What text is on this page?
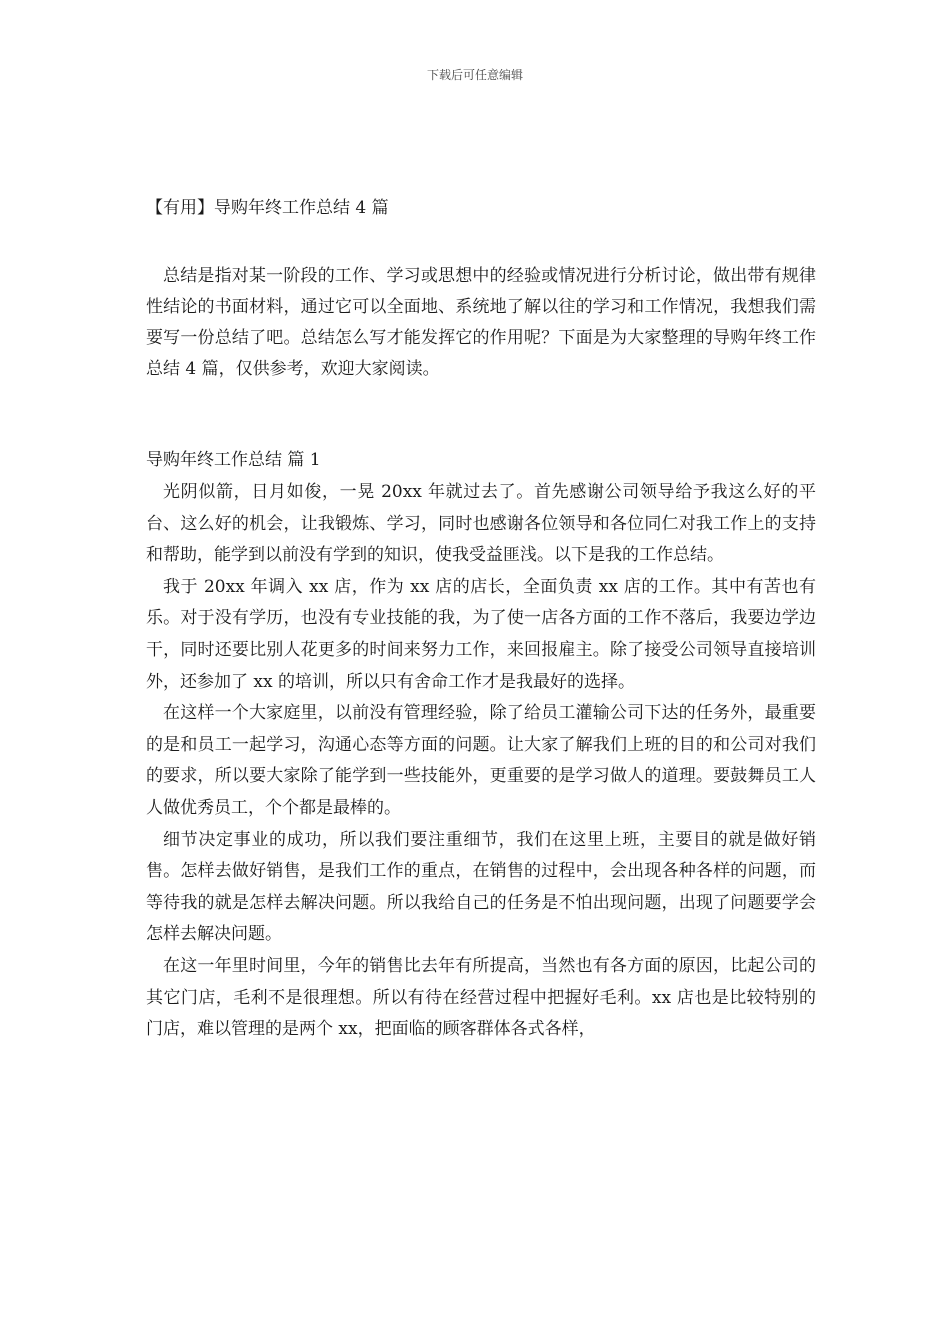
下载后可任意编辑
【有用】导购年终工作总结 4 篇

总结是指对某一阶段的工作、学习或思想中的经验或情况进行分析讨论，做出带有规律性结论的书面材料，通过它可以全面地、系统地了解以往的学习和工作情况，我想我们需要写一份总结了吧。总结怎么写才能发挥它的作用呢？下面是为大家整理的导购年终工作总结 4 篇，仅供参考，欢迎大家阅读。

导购年终工作总结 篇 1

光阴似箭，日月如俊，一晃 20xx 年就过去了。首先感谢公司领导给予我这么好的平台、这么好的机会，让我锻炼、学习，同时也感谢各位领导和各位同仁对我工作上的支持和帮助，能学到以前没有学到的知识，使我受益匪浅。以下是我的工作总结。

我于 20xx 年调入 xx 店，作为 xx 店的店长，全面负责 xx 店的工作。其中有苦也有乐。对于没有学历，也没有专业技能的我，为了使一店各方面的工作不落后，我要边学边干，同时还要比别人花更多的时间来努力工作，来回报雇主。除了接受公司领导直接培训外，还参加了 xx 的培训，所以只有舍命工作才是我最好的选择。

在这样一个大家庭里，以前没有管理经验，除了给员工灌输公司下达的任务外，最重要的是和员工一起学习，沟通心态等方面的问题。让大家了解我们上班的目的和公司对我们的要求，所以要大家除了能学到一些技能外，更重要的是学习做人的道理。要鼓舞员工人人做优秀员工，个个都是最棒的。

细节决定事业的成功，所以我们要注重细节，我们在这里上班，主要目的就是做好销售。怎样去做好销售，是我们工作的重点，在销售的过程中，会出现各种各样的问题，而等待我的就是怎样去解决问题。所以我给自己的任务是不怕出现问题，出现了问题要学会怎样去解决问题。

在这一年里时间里，今年的销售比去年有所提高，当然也有各方面的原因，比起公司的其它门店，毛利不是很理想。所以有待在经营过程中把握好毛利。xx 店也是比较特别的门店，难以管理的是两个 xx，把面临的顾客群体各式各样，
